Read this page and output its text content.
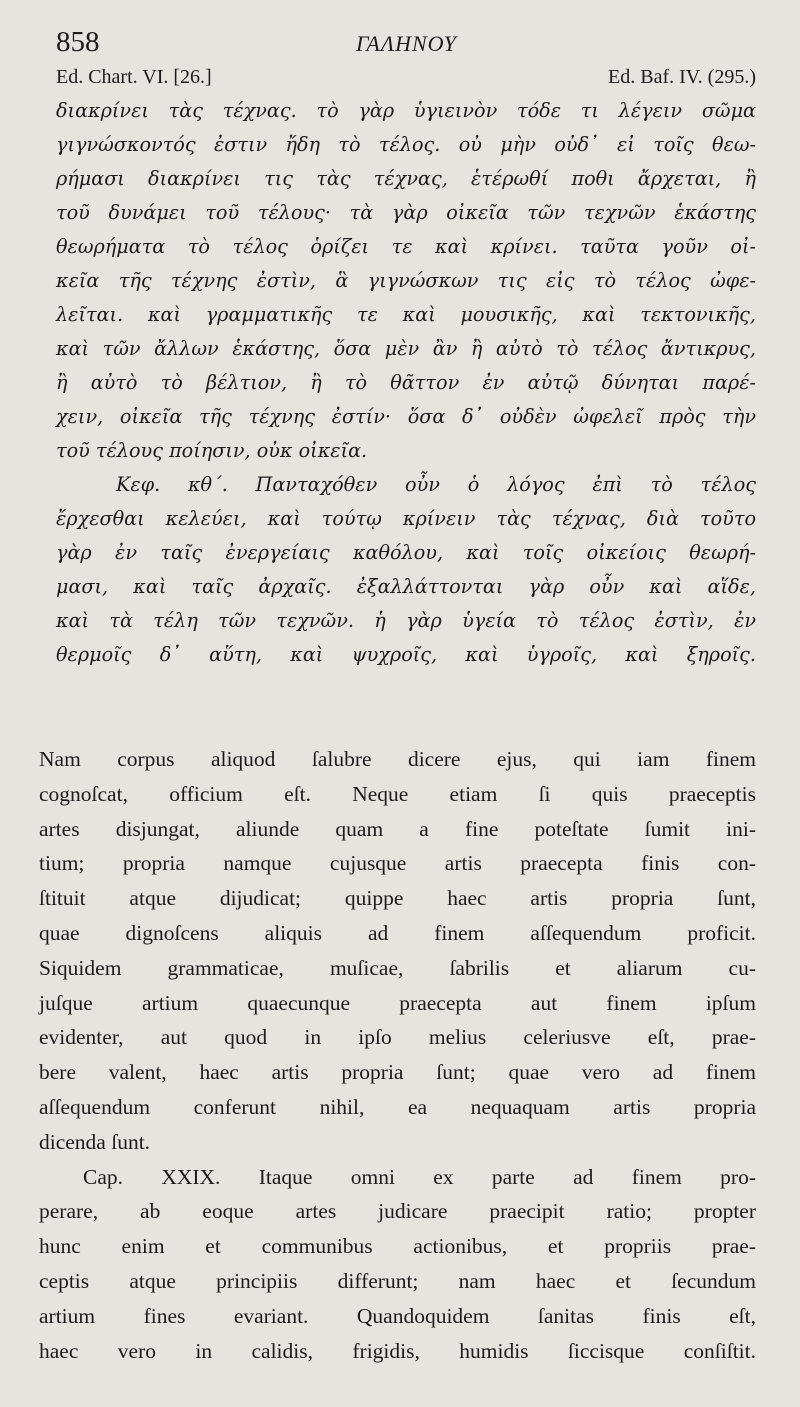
858	ΓΑΛΗΝΟΥ
Ed. Chart. VI. [26.]	Ed. Baf. IV. (295.)
διακρίνει τὰς τέχνας. τὸ γὰρ ὑγιεινὸν τόδε τι λέγειν σῶμα
γιγνώσκοντός ἐστιν ἤδη τὸ τέλος. οὐ μὴν οὐδ᾽ εἰ τοῖς θεω-
ρήμασι διακρίνει τις τὰς τέχνας, ἑτέρωθί ποθι ἄρχεται, ἢ
τοῦ δυνάμει τοῦ τέλους· τὰ γὰρ οἰκεῖα τῶν τεχνῶν ἑκάστης
θεωρήματα τὸ τέλος ὁρίζει τε καὶ κρίνει. ταῦτα γοῦν οἰ-
κεῖα τῆς τέχνης ἐστὶν, ἃ γιγνώσκων τις εἰς τὸ τέλος ὠφε-
λεῖται. καὶ γραμματικῆς τε καὶ μουσικῆς, καὶ τεκτονικῆς,
καὶ τῶν ἄλλων ἑκάστης, ὅσα μὲν ἂν ἢ αὐτὸ τὸ τέλος ἄντικρυς,
ἢ αὐτὸ τὸ βέλτιον, ἢ τὸ θᾶττον ἐν αὐτῷ δύνηται παρέ-
χειν, οἰκεῖα τῆς τέχνης ἐστίν· ὅσα δ᾽ οὐδὲν ὠφελεῖ πρὸς τὴν
τοῦ τέλους ποίησιν, οὐκ οἰκεῖα.
Κεφ. κθ΄. Πανταχόθεν οὖν ὁ λόγος ἐπὶ τὸ τέλος
ἔρχεσθαι κελεύει, καὶ τούτῳ κρίνειν τὰς τέχνας, διὰ τοῦτο
γὰρ ἐν ταῖς ἐνεργείαις καθόλου, καὶ τοῖς οἰκείοις θεωρή-
μασι, καὶ ταῖς ἀρχαῖς. ἐξαλλάττονται γὰρ οὖν καὶ αἵδε,
καὶ τὰ τέλη τῶν τεχνῶν. ἡ γὰρ ὑγεία τὸ τέλος ἐστὶν, ἐν
θερμοῖς δ᾽ αὕτη, καὶ ψυχροῖς, καὶ ὑγροῖς, καὶ ξηροῖς.
Nam corpus aliquod ſalubre dicere ejus, qui iam finem
cognoſcat, officium eſt. Neque etiam ſi quis praeceptis
artes disjungat, aliunde quam a fine poteſtate ſumit ini-
tium; propria namque cujusque artis praecepta finis con-
ſtituit atque dijudicat; quippe haec artis propria ſunt,
quae dignoſcens aliquis ad finem aſſequendum proficit.
Siquidem grammaticae, muſicae, ſabrilis et aliarum cu-
juſque artium quaecunque praecepta aut finem ipſum
evidenter, aut quod in ipſo melius celeriusve eſt, prae-
bere valent, haec artis propria ſunt; quae vero ad finem
aſſequendum conferunt nihil, ea nequaquam artis propria
dicenda ſunt.
Cap. XXIX. Itaque omni ex parte ad finem pro-
perare, ab eoque artes judicare praecipit ratio; propter
hunc enim et communibus actionibus, et propriis prae-
ceptis atque principiis differunt; nam haec et ſecundum
artium fines evariant. Quandoquidem ſanitas finis eſt,
haec vero in calidis, frigidis, humidis ſiccisque conſiſtit.
